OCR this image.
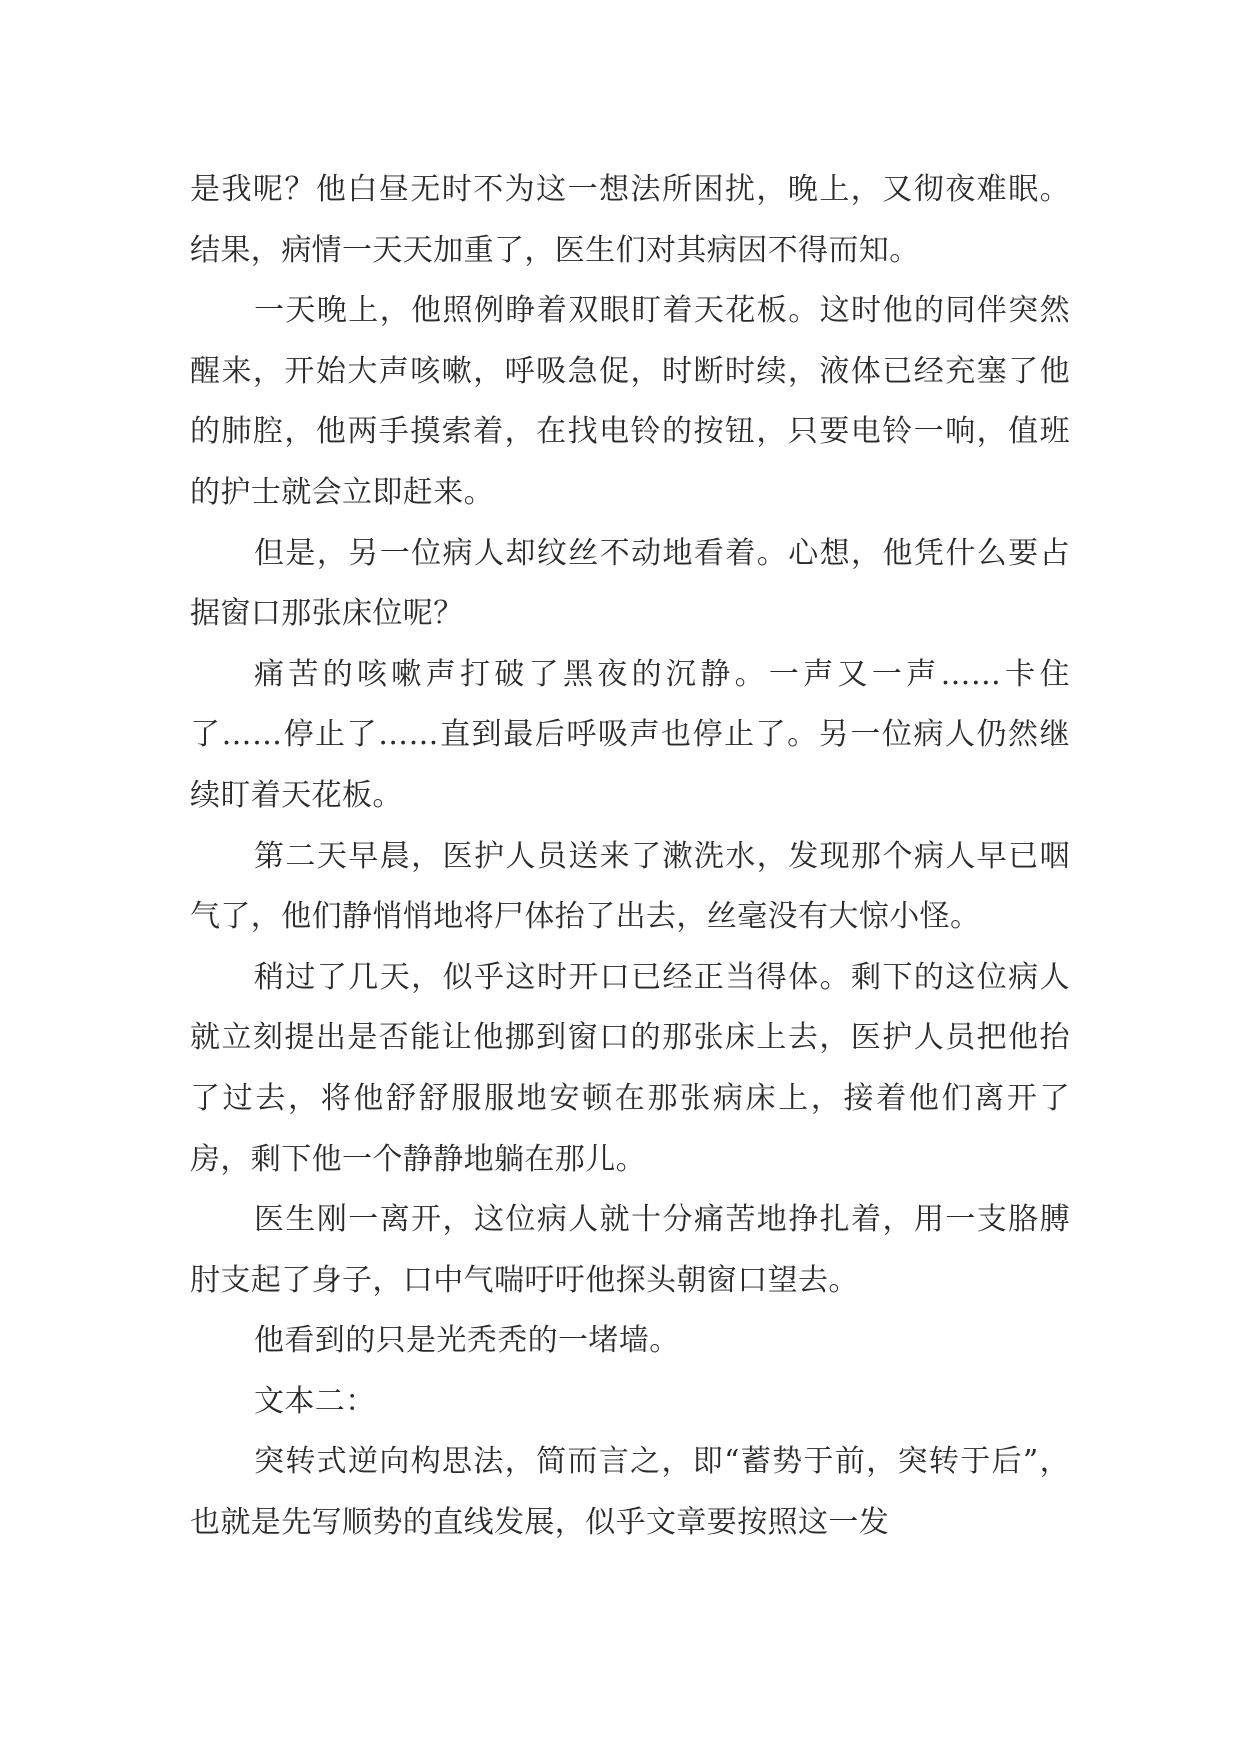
是我呢？他白昼无时不为这一想法所困扰，晚上，又彻夜难眠。结果，病情一天天加重了，医生们对其病因不得而知。

一天晚上，他照例睁着双眼盯着天花板。这时他的同伴突然醒来，开始大声咳嗽，呼吸急促，时断时续，液体已经充塞了他的肺腔，他两手摸索着，在找电铃的按钮，只要电铃一响，值班的护士就会立即赶来。

但是，另一位病人却纹丝不动地看着。心想，他凭什么要占据窗口那张床位呢？

痛苦的咳嗽声打破了黑夜的沉静。一声又一声……卡住了……停止了……直到最后呼吸声也停止了。另一位病人仍然继续盯着天花板。

第二天早晨，医护人员送来了漱洗水，发现那个病人早已咽气了，他们静悄悄地将尸体抬了出去，丝毫没有大惊小怪。

稍过了几天，似乎这时开口已经正当得体。剩下的这位病人就立刻提出是否能让他挪到窗口的那张床上去，医护人员把他抬了过去，将他舒舒服服地安顿在那张病床上，接着他们离开了房，剩下他一个静静地躺在那儿。

医生刚一离开，这位病人就十分痛苦地挣扎着，用一支胳膊肘支起了身子，口中气喘吁吁他探头朝窗口望去。

他看到的只是光秃秃的一堵墙。

文本二：

突转式逆向构思法，简而言之，即“蓄势于前，突转于后”，也就是先写顺势的直线发展，似乎文章要按照这一发
